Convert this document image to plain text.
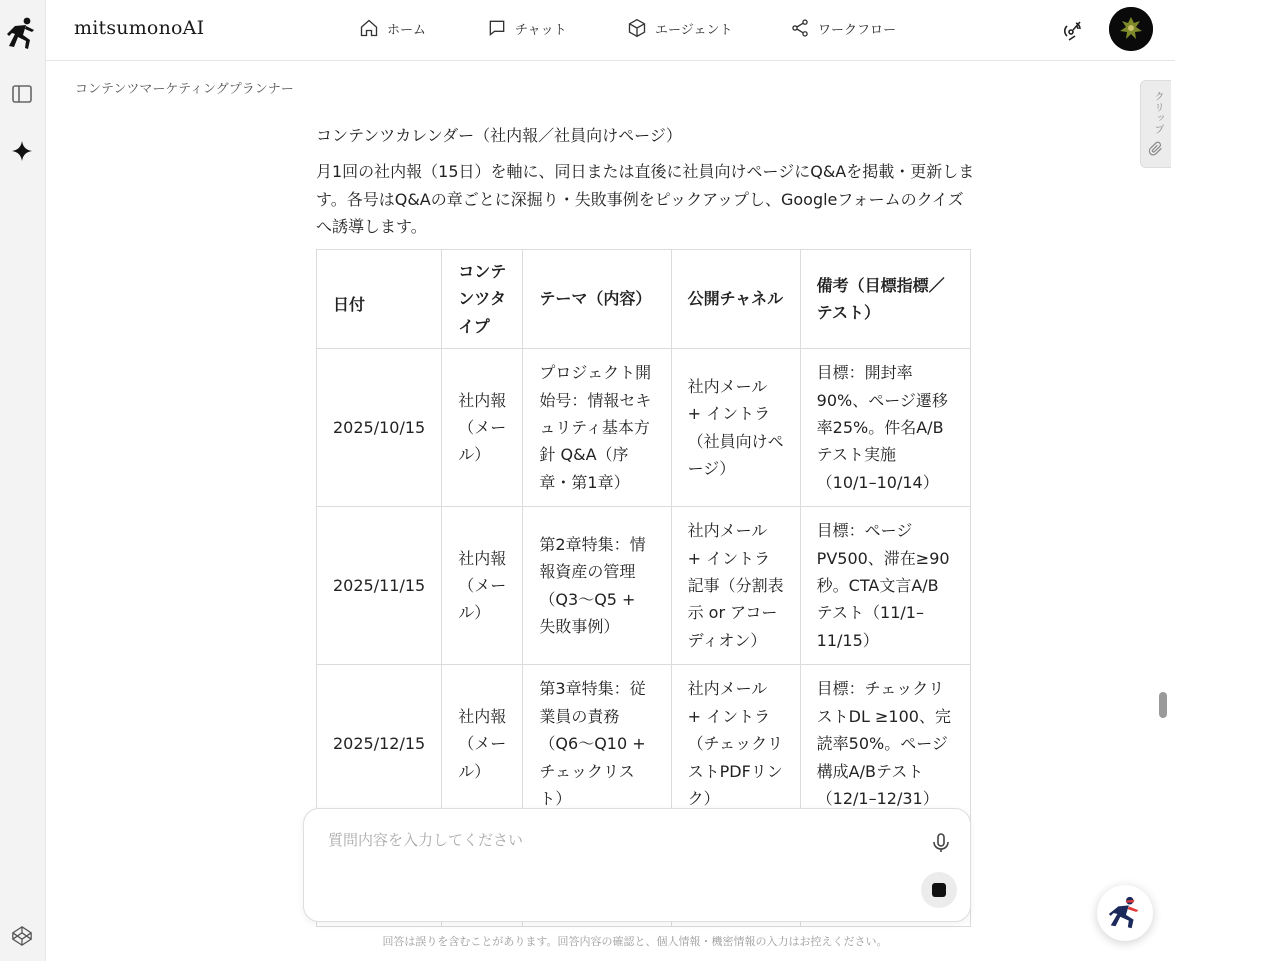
mitsumonoAI	ホーム	チャット	エージェント	ワークフロー
コンテンツマーケティングプランナー
クリップ
コンテンツカレンダー（社内報／社員向けページ）
月1回の社内報（15日）を軸に、同日または直後に社員向けページにQ&Aを掲載・更新します。各号はQ&Aの章ごとに深掘り・失敗事例をピックアップし、Googleフォームのクイズへ誘導します。
日付	コンテンツタイプ	テーマ（内容）	公開チャネル	備考（目標指標／テスト）
2025/10/15	社内報（メール）	プロジェクト開始号：情報セキュリティ基本方針 Q&A（序章・第1章）	社内メール + イントラ（社員向けページ）	目標：開封率90%、ページ遷移率25%。件名A/Bテスト実施（10/1–10/14）
2025/11/15	社内報（メール）	第2章特集：情報資産の管理（Q3〜Q5 + 失敗事例）	社内メール + イントラ記事（分割表示 or アコーディオン）	目標：ページPV500、滞在≥90秒。CTA文言A/Bテスト（11/1–11/15）
2025/12/15	社内報（メール）	第3章特集：従業員の責務（Q6〜Q10 + チェックリスト）	社内メール + イントラ（チェックリストPDFリンク）	目標：チェックリストDL ≥100、完読率50%。ページ構成A/Bテスト（12/1–12/31）

質問内容を入力してください
回答は誤りを含むことがあります。回答内容の確認と、個人情報・機密情報の入力はお控えください。
